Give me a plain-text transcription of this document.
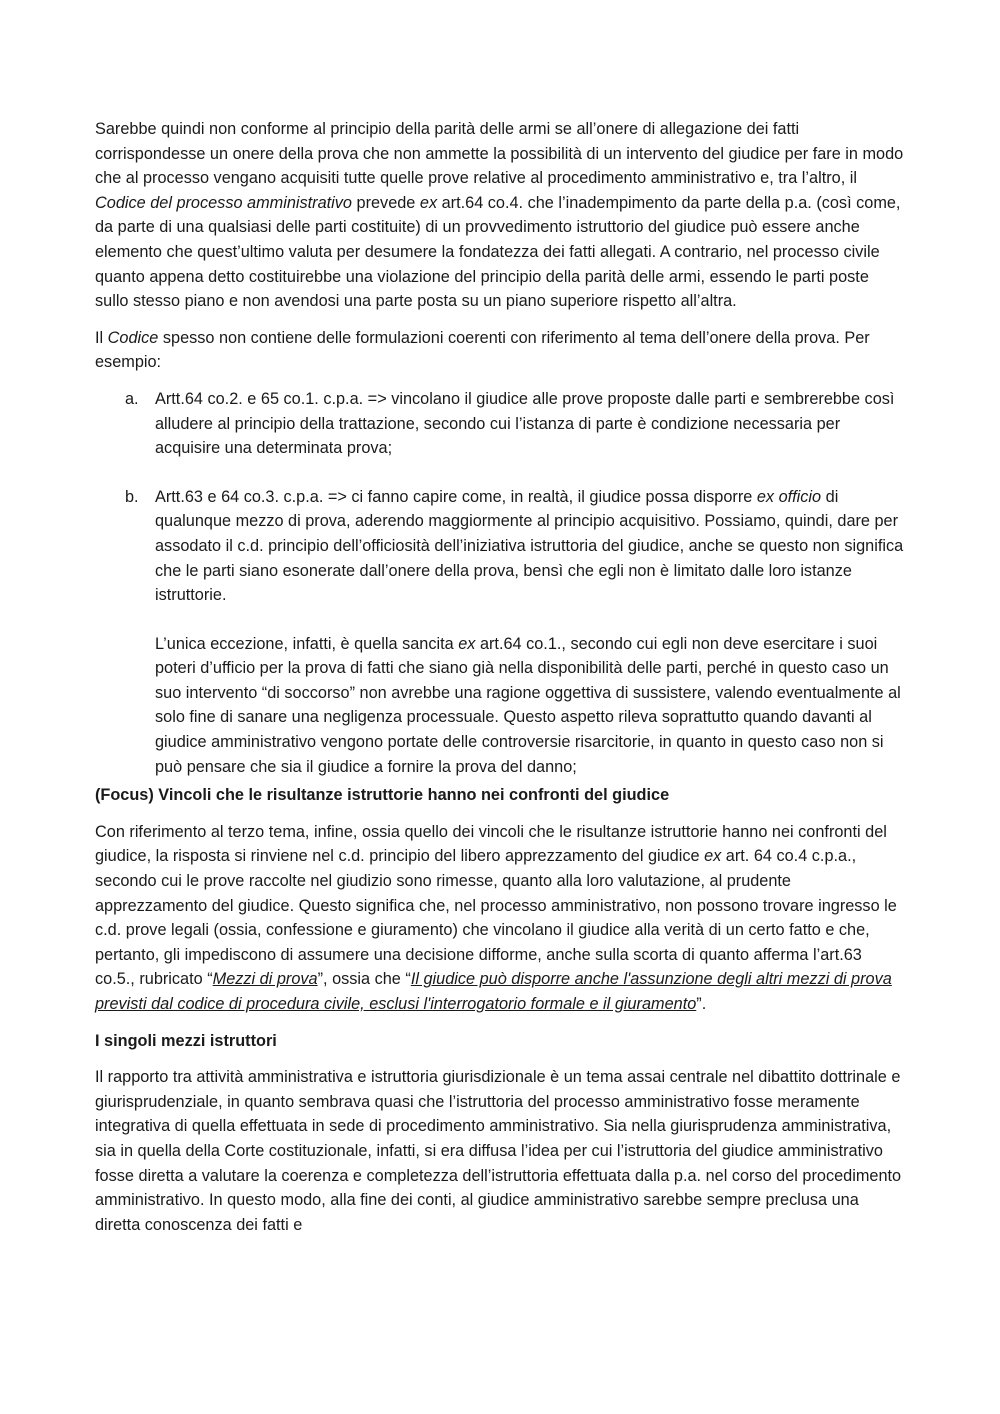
Sarebbe quindi non conforme al principio della parità delle armi se all’onere di allegazione dei fatti corrispondesse un onere della prova che non ammette la possibilità di un intervento del giudice per fare in modo che al processo vengano acquisiti tutte quelle prove relative al procedimento amministrativo e, tra l’altro, il Codice del processo amministrativo prevede ex art.64 co.4. che l’inadempimento da parte della p.a. (così come, da parte di una qualsiasi delle parti costituite) di un provvedimento istruttorio del giudice può essere anche elemento che quest’ultimo valuta per desumere la fondatezza dei fatti allegati. A contrario, nel processo civile quanto appena detto costituirebbe una violazione del principio della parità delle armi, essendo le parti poste sullo stesso piano e non avendosi una parte posta su un piano superiore rispetto all’altra.

Il Codice spesso non contiene delle formulazioni coerenti con riferimento al tema dell’onere della prova. Per esempio:

a. Artt.64 co.2. e 65 co.1. c.p.a. => vincolano il giudice alle prove proposte dalle parti e sembrerebbe così alludere al principio della trattazione, secondo cui l’istanza di parte è condizione necessaria per acquisire una determinata prova;
b. Artt.63 e 64 co.3. c.p.a. => ci fanno capire come, in realtà, il giudice possa disporre ex officio di qualunque mezzo di prova, aderendo maggiormente al principio acquisitivo. Possiamo, quindi, dare per assodato il c.d. principio dell’officiosità dell’iniziativa istruttoria del giudice, anche se questo non significa che le parti siano esonerate dall’onere della prova, bensì che egli non è limitato dalle loro istanze istruttorie.
L’unica eccezione, infatti, è quella sancita ex art.64 co.1., secondo cui egli non deve esercitare i suoi poteri d’ufficio per la prova di fatti che siano già nella disponibilità delle parti, perché in questo caso un suo intervento “di soccorso” non avrebbe una ragione oggettiva di sussistere, valendo eventualmente al solo fine di sanare una negligenza processuale. Questo aspetto rileva soprattutto quando davanti al giudice amministrativo vengono portate delle controversie risarcitorie, in quanto in questo caso non si può pensare che sia il giudice a fornire la prova del danno;

(Focus) Vincoli che le risultanze istruttorie hanno nei confronti del giudice

Con riferimento al terzo tema, infine, ossia quello dei vincoli che le risultanze istruttorie hanno nei confronti del giudice, la risposta si rinviene nel c.d. principio del libero apprezzamento del giudice ex art. 64 co.4 c.p.a., secondo cui le prove raccolte nel giudizio sono rimesse, quanto alla loro valutazione, al prudente apprezzamento del giudice. Questo significa che, nel processo amministrativo, non possono trovare ingresso le c.d. prove legali (ossia, confessione e giuramento) che vincolano il giudice alla verità di un certo fatto e che, pertanto, gli impediscono di assumere una decisione difforme, anche sulla scorta di quanto afferma l’art.63 co.5., rubricato “Mezzi di prova”, ossia che “Il giudice può disporre anche l'assunzione degli altri mezzi di prova previsti dal codice di procedura civile, esclusi l'interrogatorio formale e il giuramento”.

I singoli mezzi istruttori

Il rapporto tra attività amministrativa e istruttoria giurisdizionale è un tema assai centrale nel dibattito dottrinale e giurisprudenziale, in quanto sembrava quasi che l’istruttoria del processo amministrativo fosse meramente integrativa di quella effettuata in sede di procedimento amministrativo. Sia nella giurisprudenza amministrativa, sia in quella della Corte costituzionale, infatti, si era diffusa l’idea per cui l’istruttoria del giudice amministrativo fosse diretta a valutare la coerenza e completezza dell’istruttoria effettuata dalla p.a. nel corso del procedimento amministrativo. In questo modo, alla fine dei conti, al giudice amministrativo sarebbe sempre preclusa una diretta conoscenza dei fatti e
